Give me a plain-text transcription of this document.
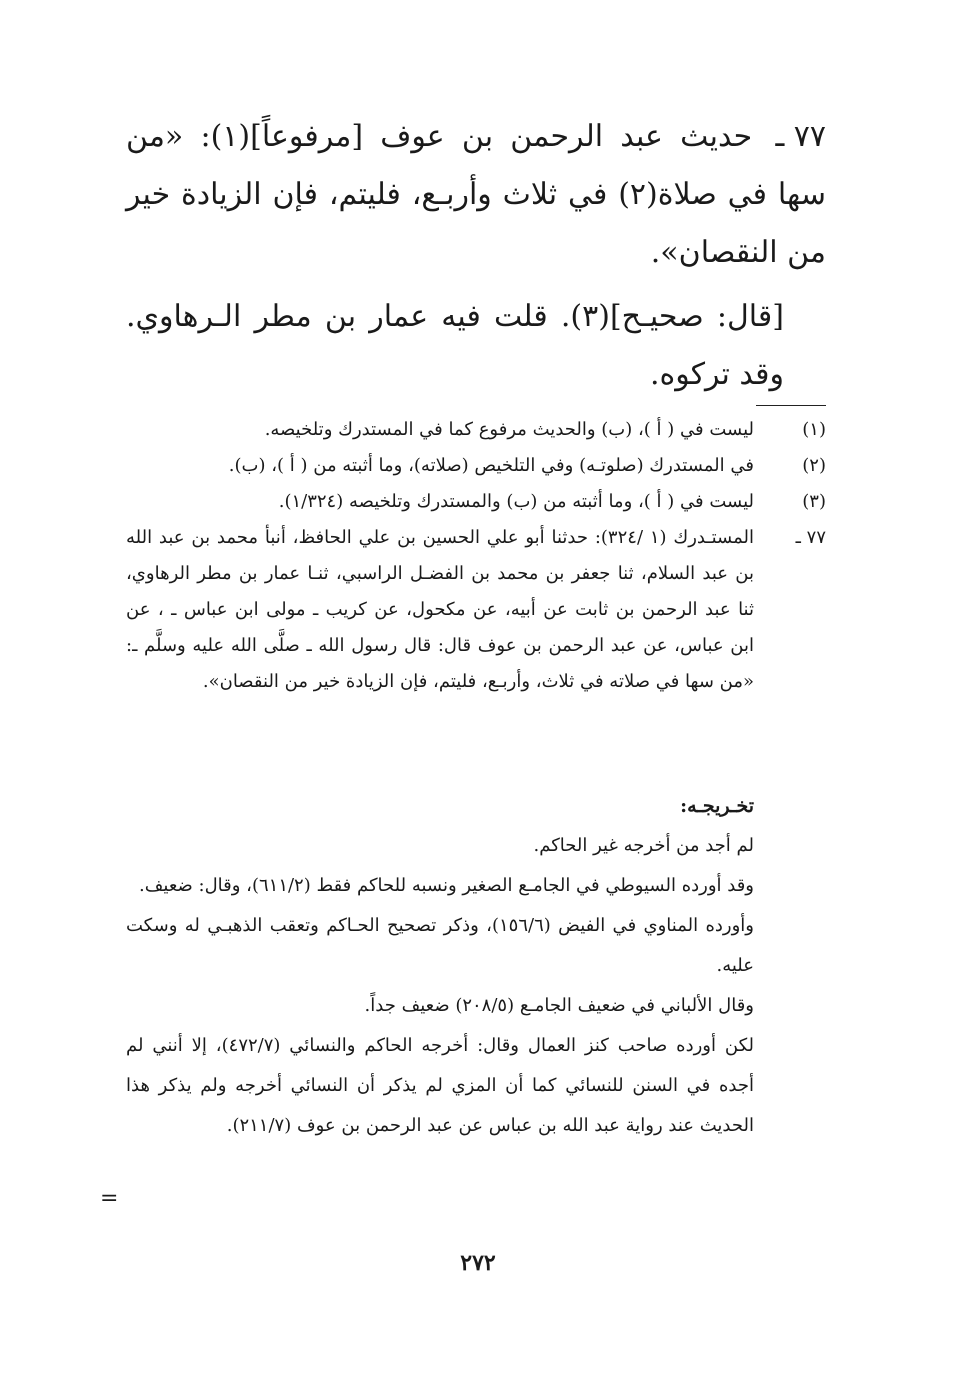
٧٧ ـ حديث عبد الرحمن بن عوف [مرفوعاً](١): «من سها في صلاة(٢) في ثلاث وأربـع، فليتم، فإن الزيادة خير من النقصان».

[قال: صحيـح](٣). قلت فيه عمار بن مطر الـرهاوي. وقد تركوه.

(١)
ليست في ( أ )، (ب) والحديث مرفوع كما في المستدرك وتلخيصه.
(٢)
في المستدرك (صلوتـه) وفي التلخيص (صلاته)، وما أثبته من ( أ )، (ب).
(٣)
ليست في ( أ )، وما أثبته من (ب) والمستدرك وتلخيصه (١/٣٢٤).
٧٧ ـ
المستـدرك (١ /٣٢٤): حدثنا أبو علي الحسين بن علي الحافظ، أنبأ محمد بن عبد الله بن عبد السلام، ثنا جعفر بن محمد بن الفضـل الراسبي، ثنـا عمار بن مطر الرهاوي، ثنا عبد الرحمن بن ثابت عن أبيه، عن مكحول، عن كريب ـ مولى ابن عباس ـ ، عن ابن عباس، عن عبد الرحمن بن عوف قال: قال رسول الله ـ صلَّى الله عليه وسلَّم ـ: «من سها في صلاته في ثلاث، وأربـع، فليتم، فإن الزيادة خير من النقصان».
تخـريجـه:
لم أجد من أخرجه غير الحاكم.
وقد أورده السيوطي في الجامـع الصغير ونسبه للحاكم فقط (٦١١/٢)، وقال: ضعيف.
وأورده المناوي في الفيض (١٥٦/٦)، وذكر تصحيح الحـاكم وتعقب الذهبـي له وسكت عليه.
وقال الألباني في ضعيف الجامـع (٢٠٨/٥) ضعيف جداً.
لكن أورده صاحب كنز العمال وقال: أخرجه الحاكم والنسائي (٤٧٢/٧)، إلا أنني لم أجده في السنن للنسائي كما أن المزي لم يذكر أن النسائي أخرجه ولم يذكر هذا الحديث عند رواية عبد الله بن عباس عن عبد الرحمن بن عوف (٢١١/٧).
=
٢٧٢
